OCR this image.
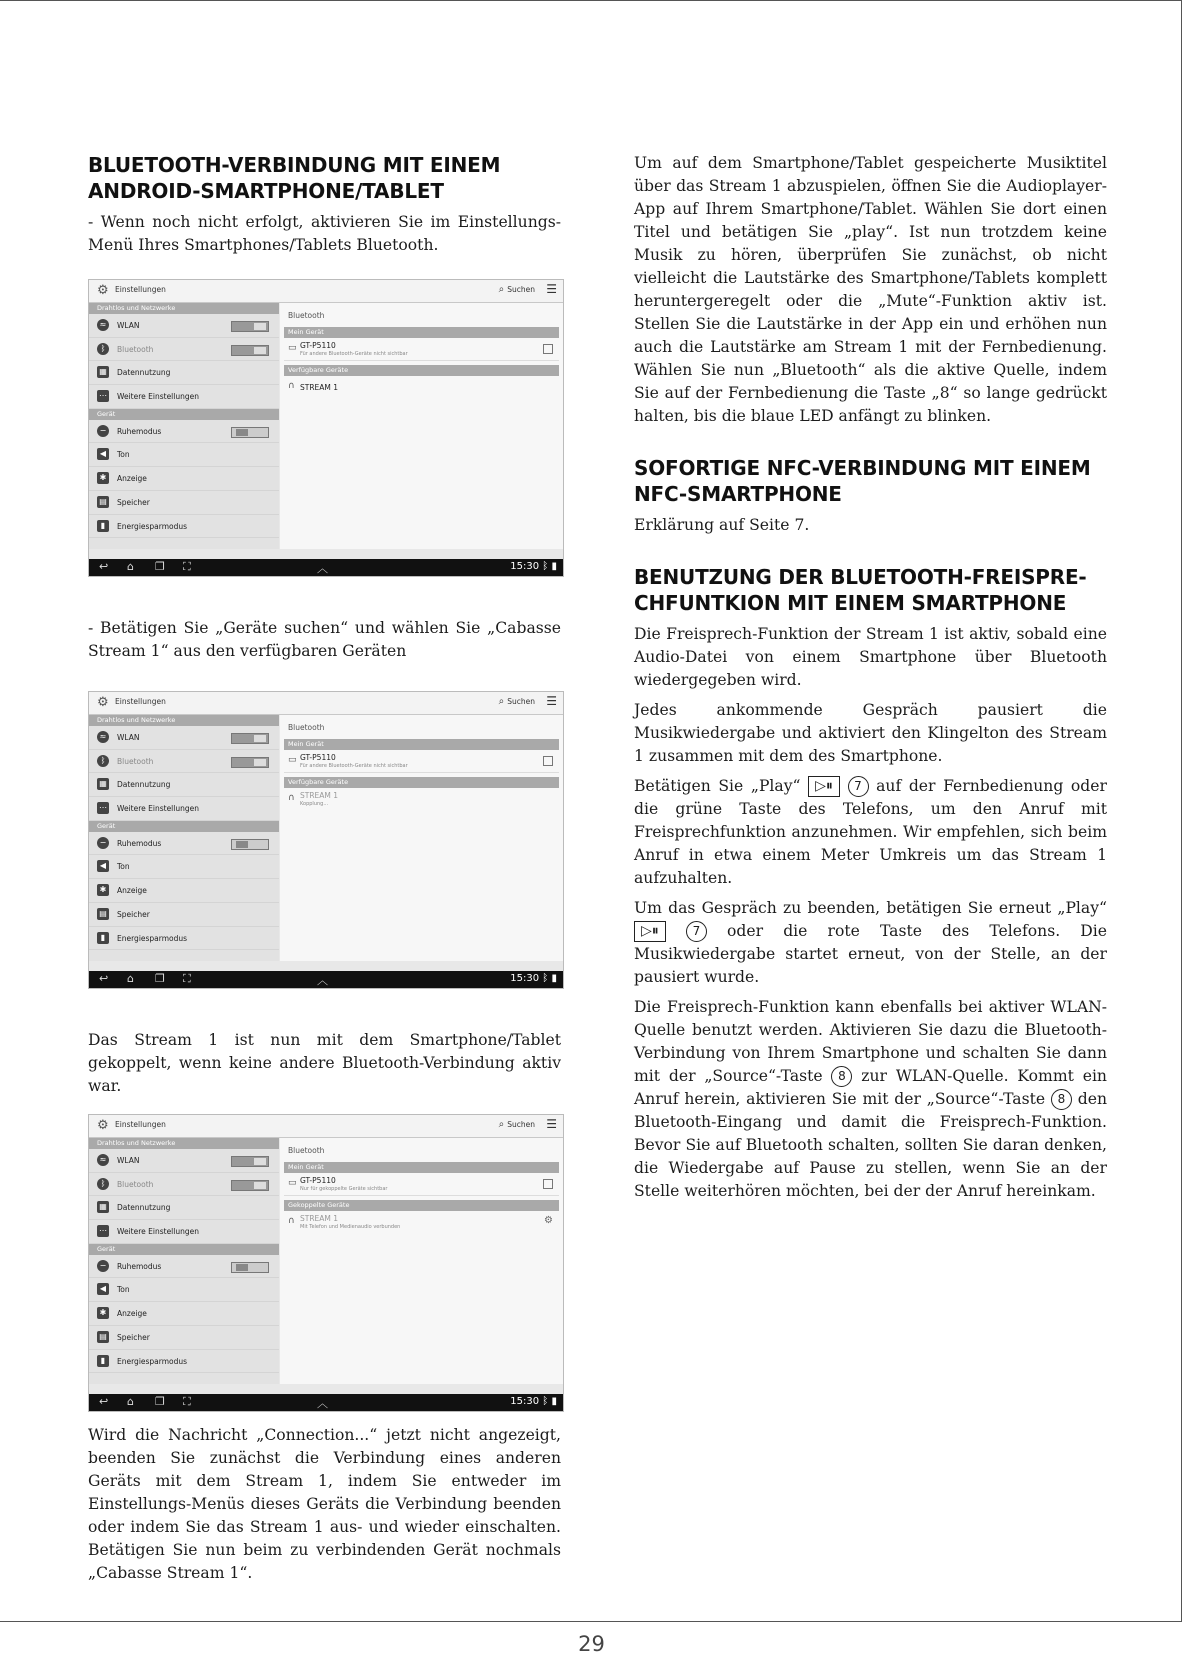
BLUETOOTH-VERBINDUNG MIT EINEM ANDROID-SMARTPHONE/TABLET

- Wenn noch nicht erfolgt, aktivieren Sie im Einstellungs-Menü Ihres Smartphones/Tablets Bluetooth.

⚙ Einstellungen	⌕ Suchen ☰
Drahtlos und Netzwerke
≈	WLAN
ᛒ	Bluetooth
▦ Datennutzung
⋯ Weitere Einstellungen
Gerät
−	Ruhemodus
◀	Ton
✱	Anzeige
▤ Speicher
▮	Energiesparmodus
Bluetooth
Mein Gerät
▭ GT-P5110
Für andere Bluetooth-Geräte nicht sichtbar
Verfügbare Geräte
∩ STREAM 1
↩ ⌂ ❐ ⛶	︿	15:30 ᛒ ▮

- Betätigen Sie „Geräte suchen“ und wählen Sie „Cabasse Stream 1“ aus den verfügbaren Geräten

⚙ Einstellungen	⌕ Suchen ☰
Drahtlos und Netzwerke
≈	WLAN
ᛒ	Bluetooth
▦ Datennutzung
⋯ Weitere Einstellungen
Gerät
−	Ruhemodus
◀	Ton
✱	Anzeige
▤ Speicher
▮	Energiesparmodus
Bluetooth
Mein Gerät
▭ GT-P5110
Für andere Bluetooth-Geräte nicht sichtbar
Verfügbare Geräte
∩ STREAM 1
Kopplung...
↩ ⌂ ❐ ⛶	︿	15:30 ᛒ ▮

Das Stream 1 ist nun mit dem Smartphone/Tablet gekoppelt, wenn keine andere Bluetooth-Verbindung aktiv war.

⚙ Einstellungen	⌕ Suchen ☰
Drahtlos und Netzwerke
≈	WLAN
ᛒ	Bluetooth
▦ Datennutzung
⋯ Weitere Einstellungen
Gerät
−	Ruhemodus
◀	Ton
✱	Anzeige
▤ Speicher
▮	Energiesparmodus
Bluetooth
Mein Gerät
▭ GT-P5110
Nur für gekoppelte Geräte sichtbar
Gekoppelte Geräte
∩ STREAM 1
Mit Telefon und Medienaudio verbunden
⚙
↩ ⌂ ❐ ⛶	︿	15:30 ᛒ ▮

Wird die Nachricht „Connection...“ jetzt nicht angezeigt, beenden Sie zunächst die Verbindung eines anderen Geräts mit dem Stream 1, indem Sie entweder im Einstellungs-Menüs dieses Geräts die Verbindung beenden oder indem Sie das Stream 1 aus- und wieder einschalten. Betätigen Sie nun beim zu verbindenden Gerät nochmals „Cabasse Stream 1“.

Um auf dem Smartphone/Tablet gespeicherte Musiktitel über das Stream 1 abzuspielen, öffnen Sie die Audioplayer-App auf Ihrem Smartphone/Tablet. Wählen Sie dort einen Titel und betätigen Sie „play“. Ist nun trotzdem keine Musik zu hören, überprüfen Sie zunächst, ob nicht vielleicht die Lautstärke des Smartphone/Tablets komplett heruntergeregelt oder die „Mute“-Funktion aktiv ist. Stellen Sie die Lautstärke in der App ein und erhöhen nun auch die Lautstärke am Stream 1 mit der Fernbedienung. Wählen Sie nun „Bluetooth“ als die aktive Quelle, indem Sie auf der Fernbedienung die Taste „8“ so lange gedrückt halten, bis die blaue LED anfängt zu blinken.

SOFORTIGE NFC-VERBINDUNG MIT EINEM NFC-SMARTPHONE

Erklärung auf Seite 7.

BENUTZUNG DER BLUETOOTH-FREISPRE-CHFUNTKION MIT EINEM SMARTPHONE

Die Freisprech-Funktion der Stream 1 ist aktiv, sobald eine Audio-Datei von einem Smartphone über Bluetooth wiedergegeben wird.

Jedes ankommende Gespräch pausiert die Musikwiedergabe und aktiviert den Klingelton des Stream 1 zusammen mit dem des Smartphone.

Betätigen Sie „Play“ ▷⏸ 7 auf der Fernbedienung oder die grüne Taste des Telefons, um den Anruf mit Freisprechfunktion anzunehmen. Wir empfehlen, sich beim Anruf in etwa einem Meter Umkreis um das Stream 1 aufzuhalten.

Um das Gespräch zu beenden, betätigen Sie erneut „Play“ ▷⏸	7 oder die rote Taste des Telefons. Die Musikwiedergabe startet erneut, von der Stelle, an der pausiert wurde.

Die Freisprech-Funktion kann ebenfalls bei aktiver WLAN-Quelle benutzt werden. Aktivieren Sie dazu die Bluetooth-Verbindung von Ihrem Smartphone und schalten Sie dann mit der „Source“-Taste 8 zur WLAN-Quelle. Kommt ein Anruf herein, aktivieren Sie mit der „Source“-Taste 8 den Bluetooth-Eingang und damit die Freisprech-Funktion. Bevor Sie auf Bluetooth schalten, sollten Sie daran denken, die Wiedergabe auf Pause zu stellen, wenn Sie an der Stelle weiterhören möchten, bei der der Anruf hereinkam.

29
